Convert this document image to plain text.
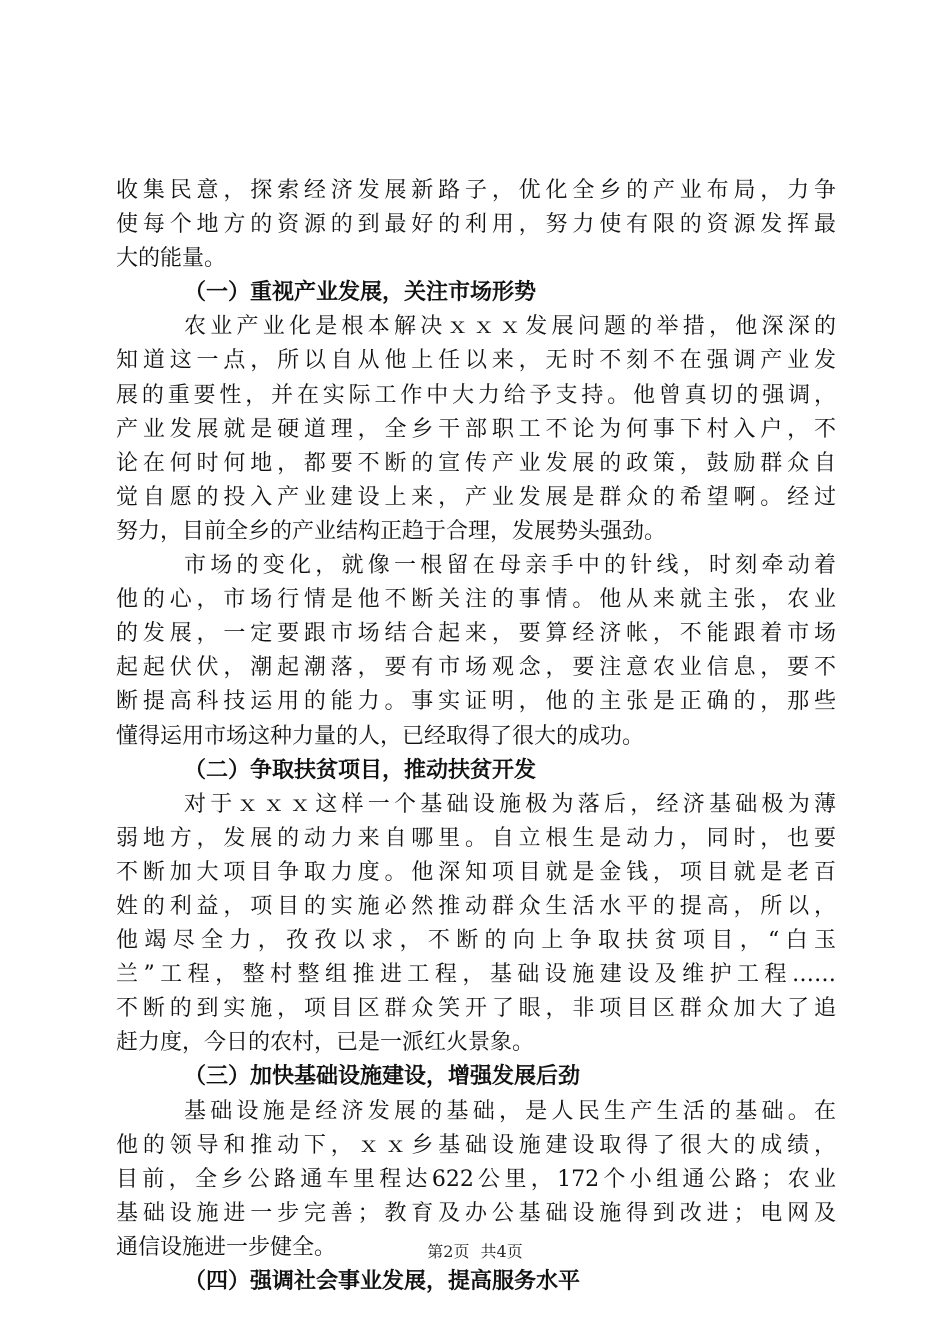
收集民意，探索经济发展新路子，优化全乡的产业布局，力争
使每个地方的资源的到最好的利用，努力使有限的资源发挥最
大的能量。
（一）重视产业发展，关注市场形势
农业产业化是根本解决ｘｘｘ发展问题的举措，他深深的
知道这一点，所以自从他上任以来，无时不刻不在强调产业发
展的重要性，并在实际工作中大力给予支持。他曾真切的强调，
产业发展就是硬道理，全乡干部职工不论为何事下村入户，不
论在何时何地，都要不断的宣传产业发展的政策，鼓励群众自
觉自愿的投入产业建设上来，产业发展是群众的希望啊。经过
努力，目前全乡的产业结构正趋于合理，发展势头强劲。
市场的变化，就像一根留在母亲手中的针线，时刻牵动着
他的心，市场行情是他不断关注的事情。他从来就主张，农业
的发展，一定要跟市场结合起来，要算经济帐，不能跟着市场
起起伏伏，潮起潮落，要有市场观念，要注意农业信息，要不
断提高科技运用的能力。事实证明，他的主张是正确的，那些
懂得运用市场这种力量的人，已经取得了很大的成功。
（二）争取扶贫项目，推动扶贫开发
对于ｘｘｘ这样一个基础设施极为落后，经济基础极为薄
弱地方，发展的动力来自哪里。自立根生是动力，同时，也要
不断加大项目争取力度。他深知项目就是金钱，项目就是老百
姓的利益，项目的实施必然推动群众生活水平的提高，所以，
他竭尽全力，孜孜以求，不断的向上争取扶贫项目，“白玉
兰”工程，整村整组推进工程，基础设施建设及维护工程……
不断的到实施，项目区群众笑开了眼，非项目区群众加大了追
赶力度，今日的农村，已是一派红火景象。
（三）加快基础设施建设，增强发展后劲
基础设施是经济发展的基础，是人民生产生活的基础。在
他的领导和推动下，ｘｘ乡基础设施建设取得了很大的成绩，
目前，全乡公路通车里程达622公里，172个小组通公路；农业
基础设施进一步完善；教育及办公基础设施得到改进；电网及
通信设施进一步健全。
（四）强调社会事业发展，提高服务水平
第2页 共4页
